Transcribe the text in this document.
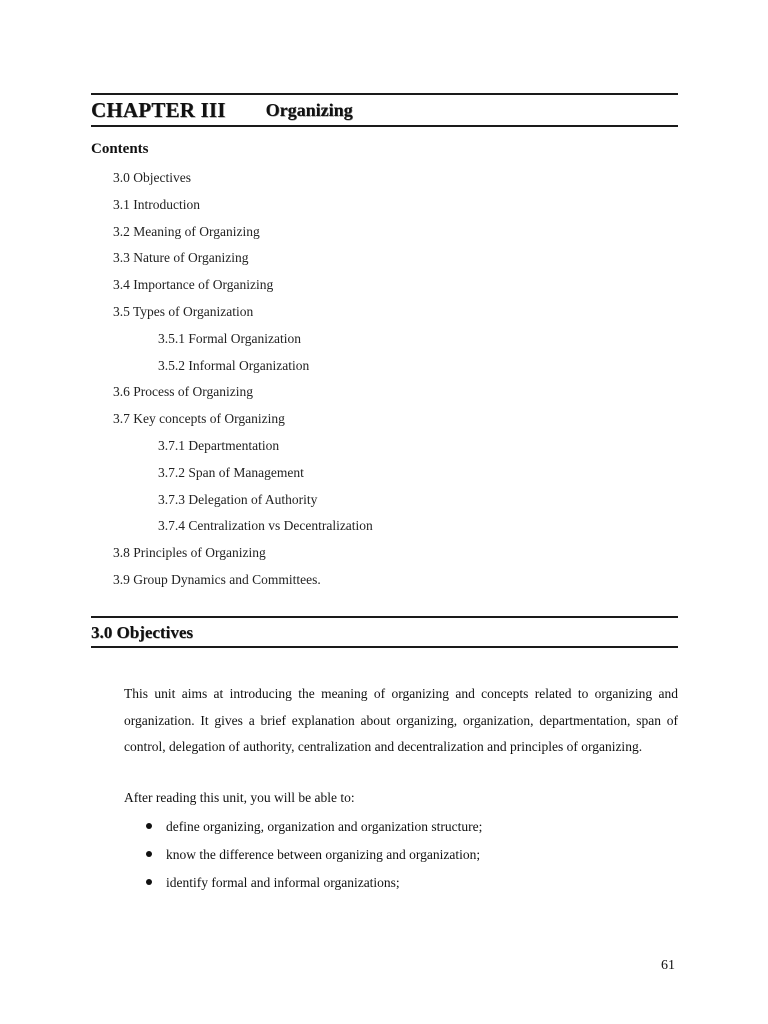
CHAPTER III Organizing
Contents
3.0 Objectives
3.1 Introduction
3.2 Meaning of Organizing
3.3 Nature of Organizing
3.4 Importance of Organizing
3.5 Types of Organization
3.5.1 Formal Organization
3.5.2 Informal Organization
3.6 Process of Organizing
3.7 Key concepts of Organizing
3.7.1 Departmentation
3.7.2 Span of Management
3.7.3 Delegation of Authority
3.7.4 Centralization vs Decentralization
3.8 Principles of Organizing
3.9 Group Dynamics and Committees.
3.0 Objectives

This unit aims at introducing the meaning of organizing and concepts related to organizing and organization. It gives a brief explanation about organizing, organization, departmentation, span of control, delegation of authority, centralization and decentralization and principles of organizing.

After reading this unit, you will be able to:

define organizing, organization and organization structure;
know the difference between organizing and organization;
identify formal and informal organizations;
61
